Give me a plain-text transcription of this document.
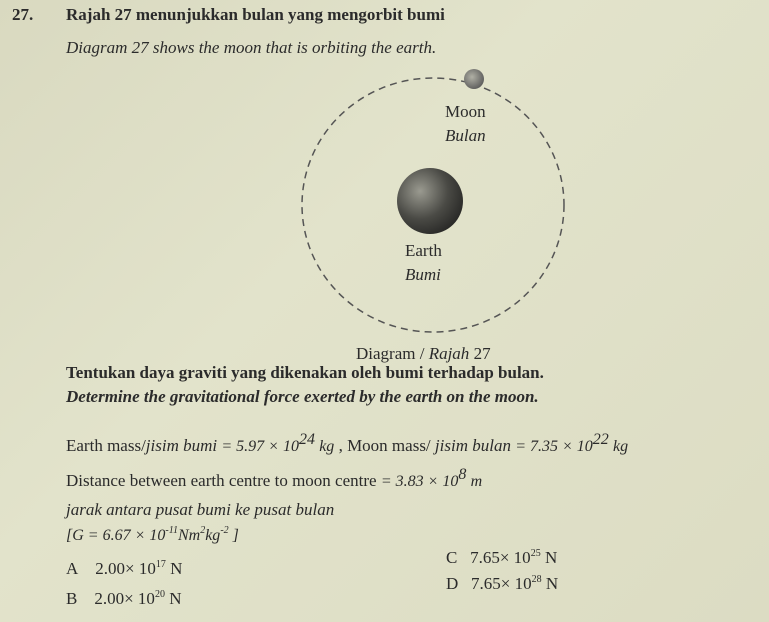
27. Rajah 27 menunjukkan bulan yang mengorbit bumi
Diagram 27 shows the moon that is orbiting the earth.
Moon
Bulan
Earth
Bumi
Diagram / Rajah 27
Tentukan daya graviti yang dikenakan oleh bumi terhadap bulan.
Determine the gravitational force exerted by the earth on the moon.
Earth mass/jisim bumi = $5.97 \times 10^{24}$ kg , Moon mass/ jisim bulan = $7.35 \times 10^{22}$ kg
Distance between earth centre to moon centre = $3.83 \times 10^8$ m
jarak antara pusat bumi ke pusat bulan
[$G = 6.67 \times 10^{-11}Nm^2kg^{-2}$ ]
A $2.00\times 10^{17}$ N
B $2.00\times 10^{20}$ N
C $7.65\times 10^{25}$ N
D $7.65\times 10^{28}$ N
